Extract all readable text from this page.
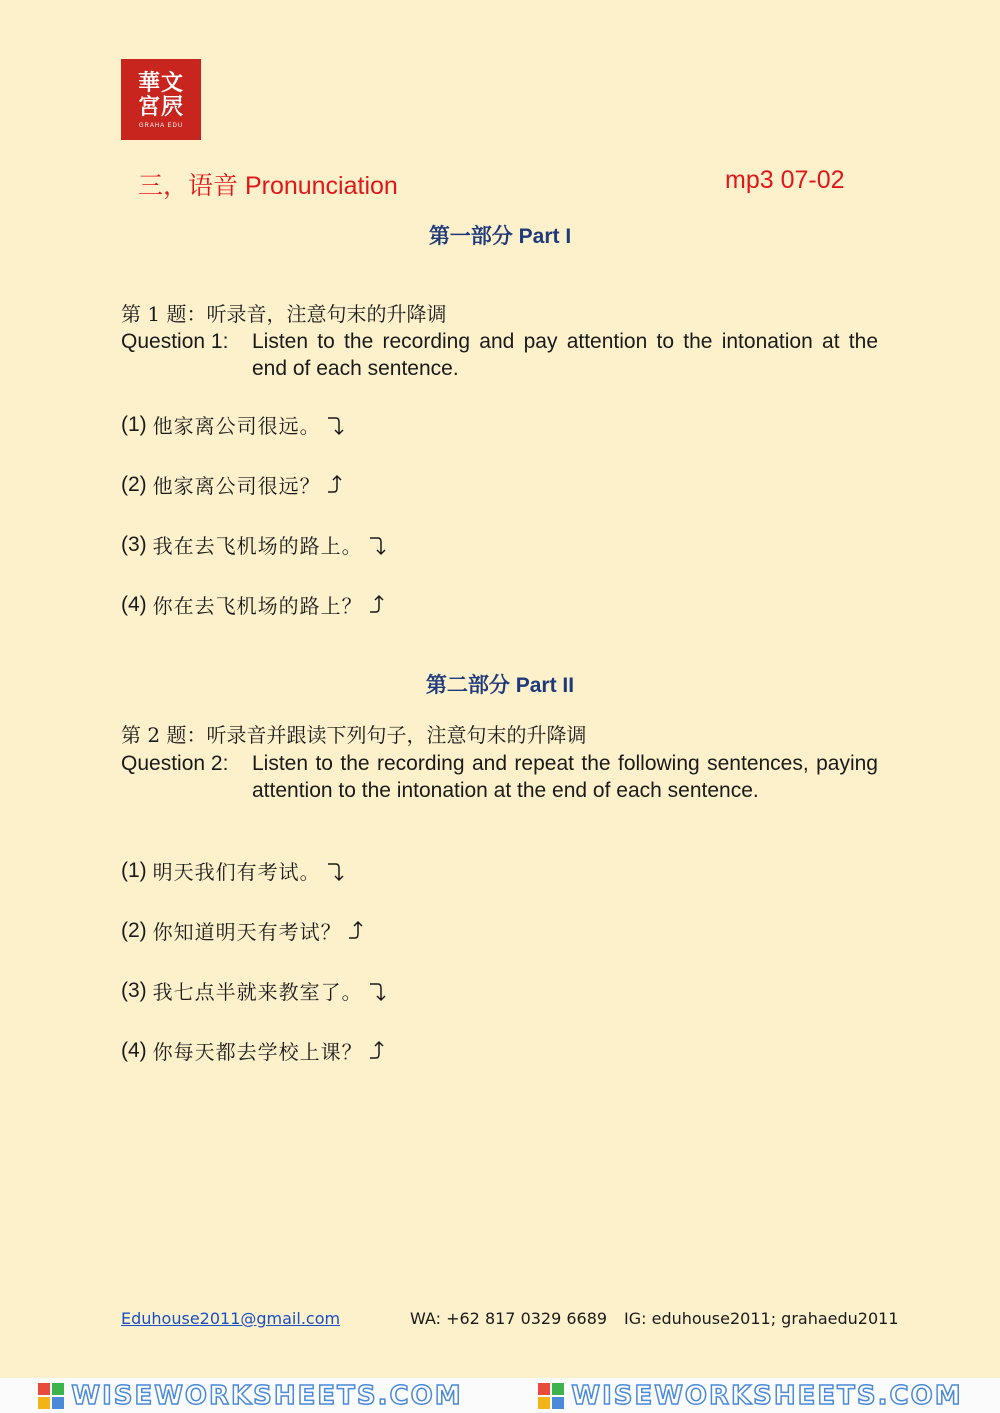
華文
宮屄
GRAHA EDU
三，语音 Pronunciation	mp3 07-02
第一部分 Part I
第 1 题：听录音，注意句末的升降调
Question 1: Listen to the recording and pay attention to the intonation at the end of each sentence.
(1) 他家离公司很远。
(2) 他家离公司很远？
(3) 我在去飞机场的路上。
(4) 你在去飞机场的路上？
第二部分 Part II
第 2 题：听录音并跟读下列句子，注意句末的升降调
Question 2: Listen to the recording and repeat the following sentences, paying attention to the intonation at the end of each sentence.
(1) 明天我们有考试。
(2) 你知道明天有考试？
(3) 我七点半就来教室了。
(4) 你每天都去学校上课？
Eduhouse2011@gmail.com	WA: +62 817 0329 6689 IG: eduhouse2011; grahaedu2011
WISEWORKSHEETS.COM	WISEWORKSHEETS.COM
